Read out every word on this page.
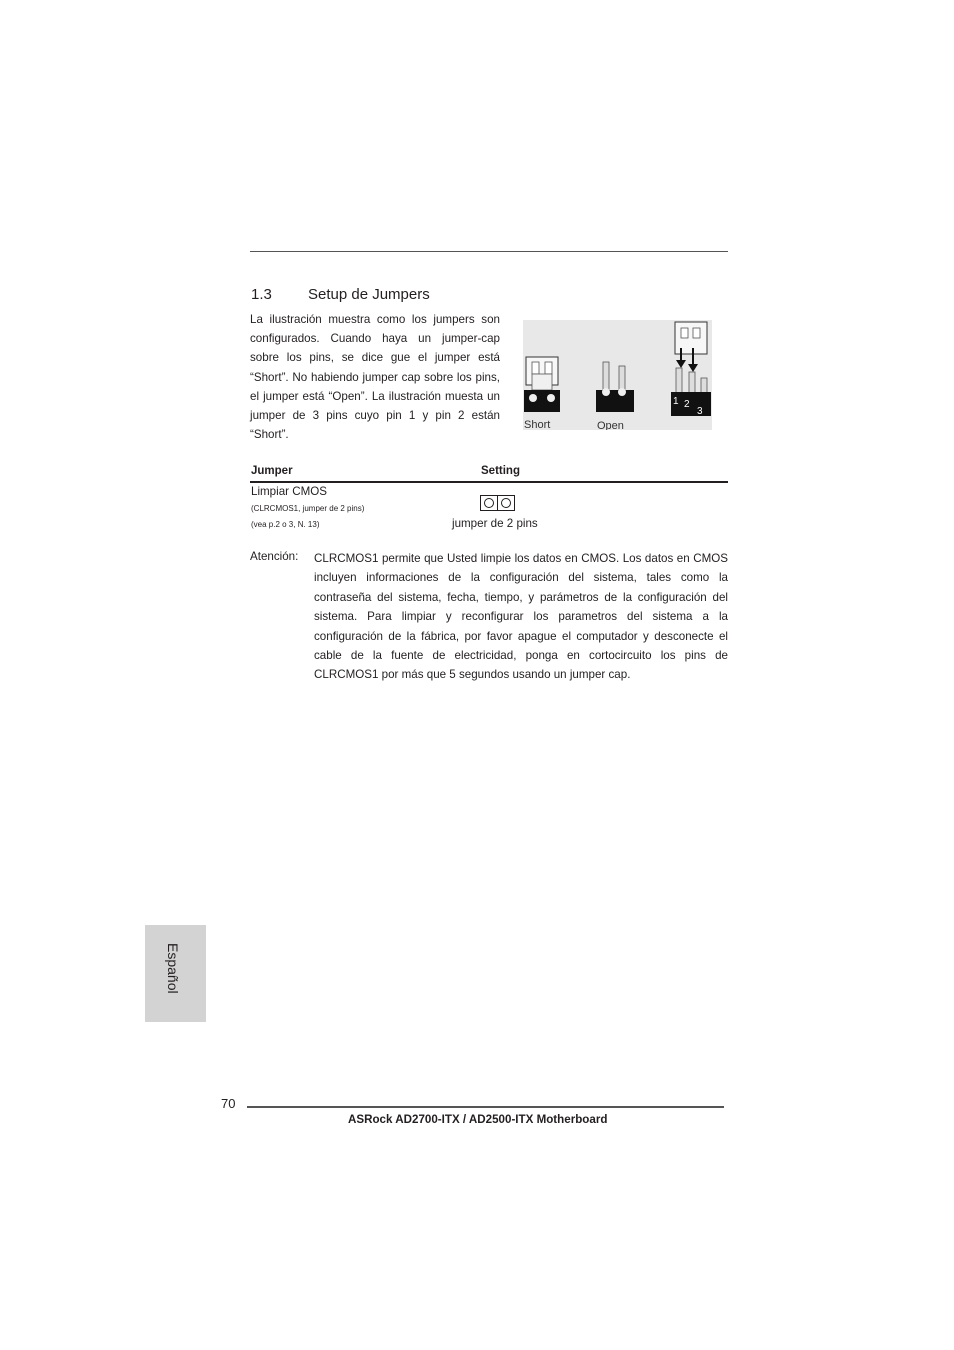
1.3 Setup de Jumpers
La ilustración muestra como los jumpers son configurados. Cuando haya un jumper-cap sobre los pins, se dice gue el jumper está “Short”. No habiendo jumper cap sobre los pins, el jumper está “Open”. La ilustración muesta un jumper de 3 pins cuyo pin 1 y pin 2 están “Short”.
1 2
3
Short	Open
Jumper	Setting
Limpiar CMOS
(CLRCMOS1, jumper de 2 pins)
(vea p.2 o 3, N. 13)	jumper de 2 pins
Atención: CLRCMOS1 permite que Usted limpie los datos en CMOS. Los datos en CMOS incluyen informaciones de la configuración del sistema, tales como la contraseña del sistema, fecha, tiempo, y parámetros de la configuración del sistema. Para limpiar y reconfigurar los parametros del sistema a la configuración de la fábrica, por favor apague el computador y desconecte el cable de la fuente de electricidad, ponga en cortocircuito los pins de CLRCMOS1 por más que 5 segundos usando un jumper cap.
Español
70
ASRock AD2700-ITX / AD2500-ITX Motherboard
